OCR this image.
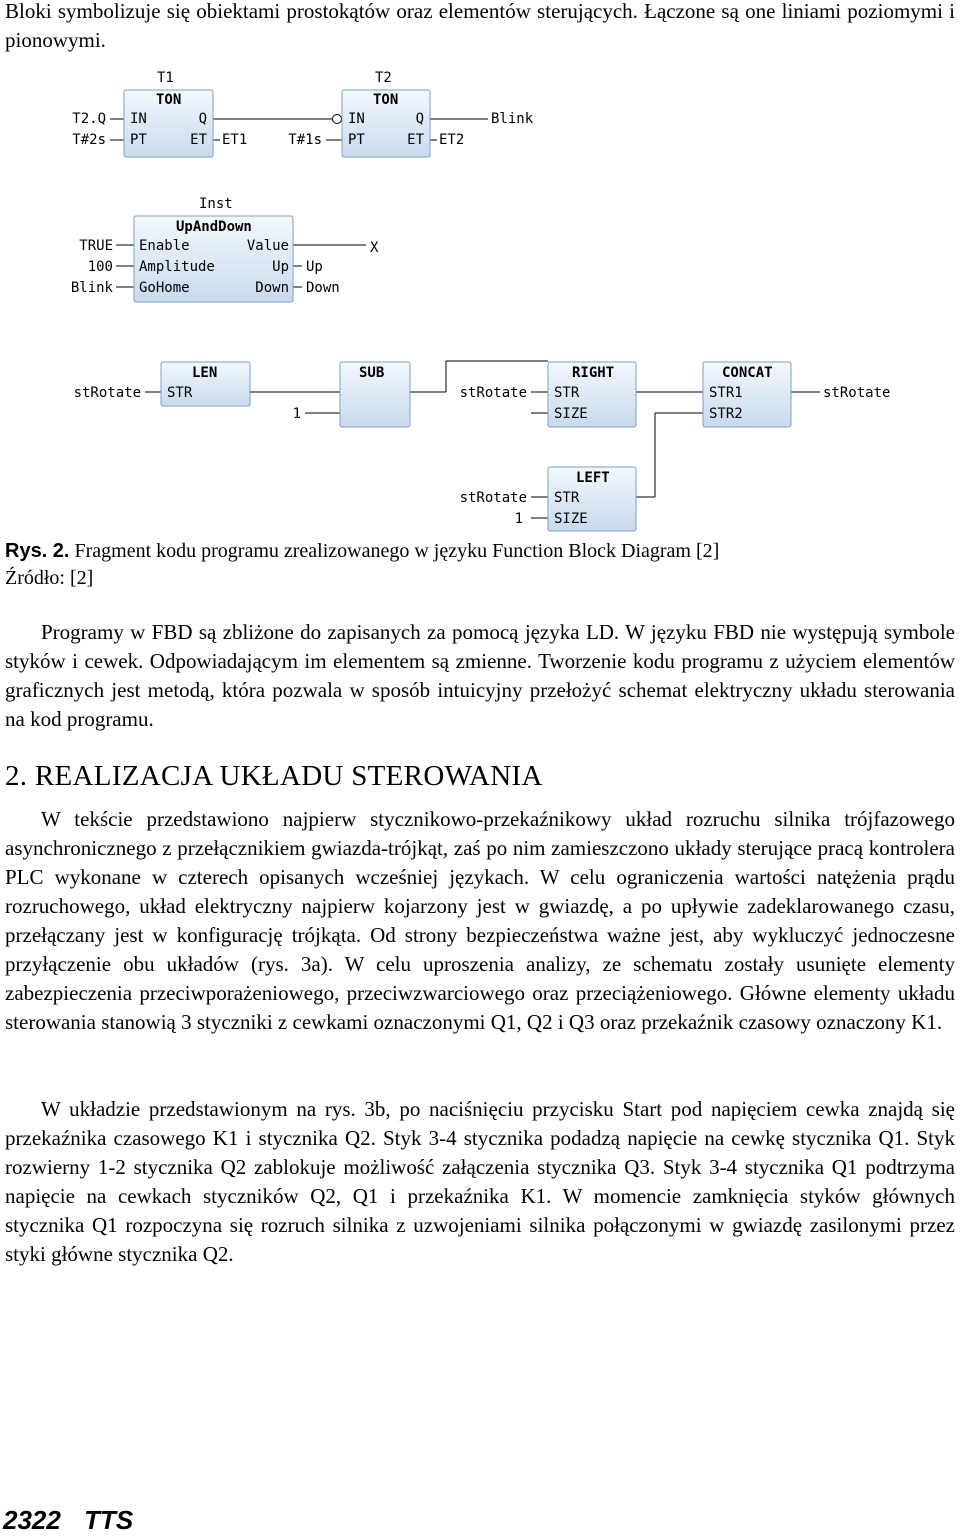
Bloki symbolizuje się obiektami prostokątów oraz elementów sterujących. Łączone są one liniami poziomymi i pionowymi.

T1
TON
IN
PT
Q
ET
T2.Q
T#2s	ET1
T2
TON
IN
PT
Q
ET
T#1s
Blink
ET2
Inst
UpAndDown
Enable
Amplitude
GoHome
Value
Up
Down
TRUE
100
Blink
X
Up
Down
LEN
STR
stRotate
SUB
1
RIGHT
STR
SIZE
stRotate
CONCAT
STR1
STR2
stRotate
LEFT
STR
SIZE
stRotate
1
Rys. 2. Fragment kodu programu zrealizowanego w języku Function Block Diagram [2]
Źródło: [2]

Programy w FBD są zbliżone do zapisanych za pomocą języka LD. W języku FBD nie występują symbole styków i cewek. Odpowiadającym im elementem są zmienne. Tworzenie kodu programu z użyciem elementów graficznych jest metodą, która pozwala w sposób intuicyjny przełożyć schemat elektryczny układu sterowania na kod programu.

2. REALIZACJA UKŁADU STEROWANIA

W tekście przedstawiono najpierw stycznikowo-przekaźnikowy układ rozruchu silnika trójfazowego asynchronicznego z przełącznikiem gwiazda-trójkąt, zaś po nim zamieszczono układy sterujące pracą kontrolera PLC wykonane w czterech opisanych wcześniej językach. W celu ograniczenia wartości natężenia prądu rozruchowego, układ elektryczny najpierw kojarzony jest w gwiazdę, a po upływie zadeklarowanego czasu, przełączany jest w konfigurację trójkąta. Od strony bezpieczeństwa ważne jest, aby wykluczyć jednoczesne przyłączenie obu układów (rys. 3a). W celu uproszenia analizy, ze schematu zostały usunięte elementy zabezpieczenia przeciwporażeniowego, przeciwzwarciowego oraz przeciążeniowego. Główne elementy układu sterowania stanowią 3 styczniki z cewkami oznaczonymi Q1, Q2 i Q3 oraz przekaźnik czasowy oznaczony K1.

W układzie przedstawionym na rys. 3b, po naciśnięciu przycisku Start pod napięciem cewka znajdą się przekaźnika czasowego K1 i stycznika Q2. Styk 3-4 stycznika podadzą napięcie na cewkę stycznika Q1. Styk rozwierny 1-2 stycznika Q2 zablokuje możliwość załączenia stycznika Q3. Styk 3-4 stycznika Q1 podtrzyma napięcie na cewkach styczników Q2, Q1 i przekaźnika K1. W momencie zamknięcia styków głównych stycznika Q1 rozpoczyna się rozruch silnika z uzwojeniami silnika połączonymi w gwiazdę zasilonymi przez styki główne stycznika Q2.

2322 TTS
